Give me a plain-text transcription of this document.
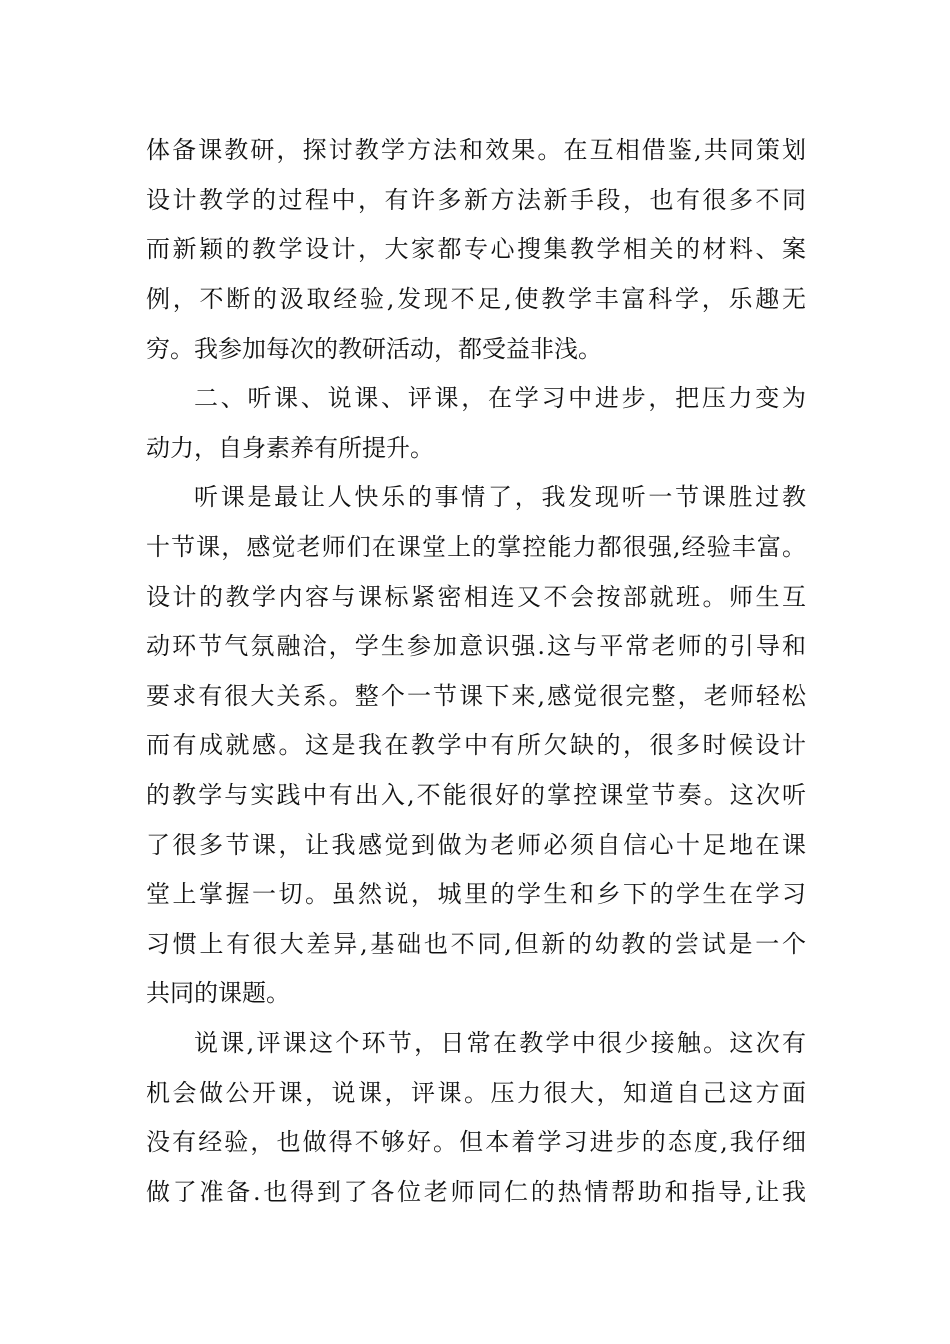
体备课教研，探讨教学方法和效果。在互相借鉴,共同策划
设计教学的过程中，有许多新方法新手段，也有很多不同
而新颖的教学设计，大家都专心搜集教学相关的材料、案
例，不断的汲取经验,发现不足,使教学丰富科学，乐趣无
穷。我参加每次的教研活动，都受益非浅。
二、听课、说课、评课，在学习中进步，把压力变为
动力，自身素养有所提升。
听课是最让人快乐的事情了，我发现听一节课胜过教
十节课，感觉老师们在课堂上的掌控能力都很强,经验丰富。
设计的教学内容与课标紧密相连又不会按部就班。师生互
动环节气氛融洽，学生参加意识强.这与平常老师的引导和
要求有很大关系。整个一节课下来,感觉很完整，老师轻松
而有成就感。这是我在教学中有所欠缺的，很多时候设计
的教学与实践中有出入,不能很好的掌控课堂节奏。这次听
了很多节课，让我感觉到做为老师必须自信心十足地在课
堂上掌握一切。虽然说，城里的学生和乡下的学生在学习
习惯上有很大差异,基础也不同,但新的幼教的尝试是一个
共同的课题。
说课,评课这个环节，日常在教学中很少接触。这次有
机会做公开课，说课，评课。压力很大，知道自己这方面
没有经验，也做得不够好。但本着学习进步的态度,我仔细
做了准备.也得到了各位老师同仁的热情帮助和指导,让我
